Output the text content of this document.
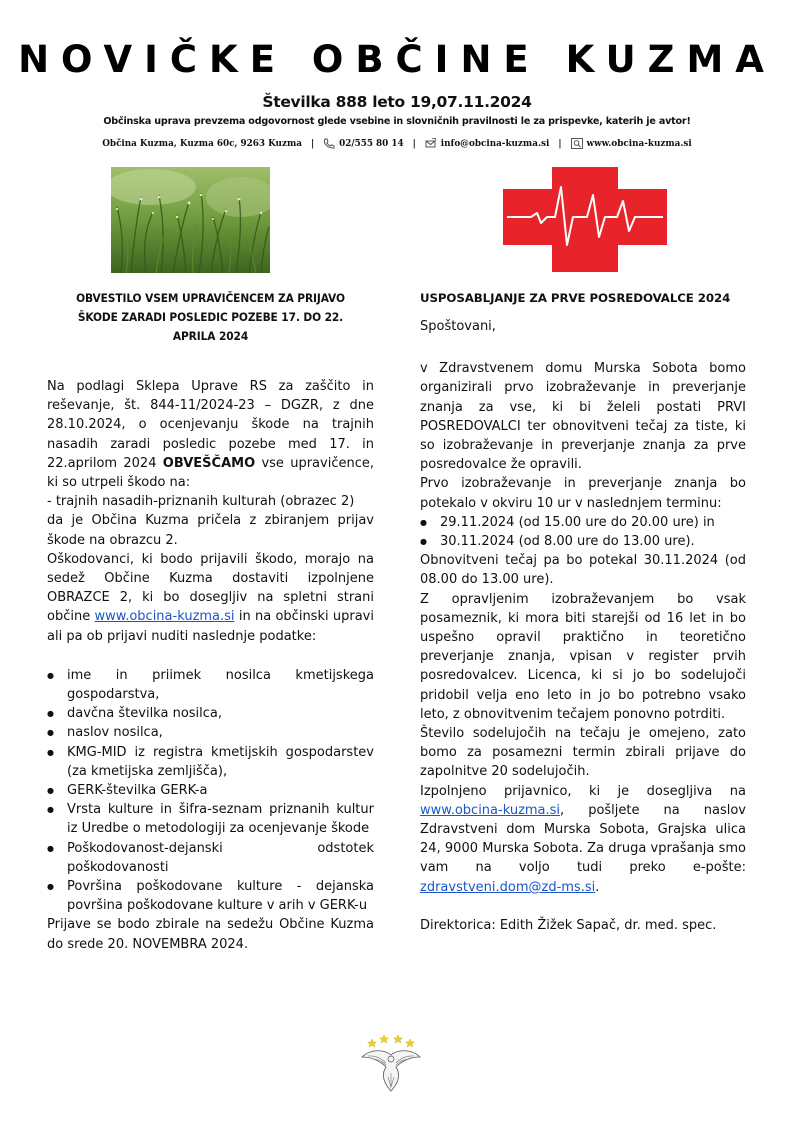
NOVIČKE OBČINE KUZMA
Številka 888 leto 19,07.11.2024
Občinska uprava prevzema odgovornost glede vsebine in slovničnih pravilnosti le za prispevke, katerih je avtor!
Občina Kuzma, Kuzma 60c, 9263 Kuzma |	02/555 80 14 |	info@obcina-kuzma.si |	www.obcina-kuzma.si
OBVESTILO VSEM UPRAVIČENCEM ZA PRIJAVO
ŠKODE ZARADI POSLEDIC POZEBE 17. DO 22.
APRILA 2024

Na podlagi Sklepa Uprave RS za zaščito in reševanje, št. 844-11/2024-23 – DGZR, z dne 28.10.2024, o ocenjevanju škode na trajnih nasadih zaradi posledic pozebe med 17. in 22.aprilom 2024 OBVEŠČAMO vse upravičence, ki so utrpeli škodo na:

- trajnih nasadih-priznanih kulturah (obrazec 2)

da je Občina Kuzma pričela z zbiranjem prijav škode na obrazcu 2.

Oškodovanci, ki bodo prijavili škodo, morajo na sedež Občine Kuzma dostaviti izpolnjene OBRAZCE 2, ki bo dosegljiv na spletni strani občine www.obcina-kuzma.si in na občinski upravi ali pa ob prijavi nuditi naslednje podatke:

● ime in priimek nosilca kmetijskega gospodarstva,
● davčna številka nosilca,
● naslov nosilca,
● KMG-MID iz registra kmetijskih gospodarstev (za kmetijska zemljišča),
● GERK-številka GERK-a
● Vrsta kulture in šifra-seznam priznanih kultur iz Uredbe o metodologiji za ocenjevanje škode
● Poškodovanost-dejanski odstotek poškodovanosti
● Površina poškodovane kulture - dejanska površina poškodovane kulture v arih v GERK-u

Prijave se bodo zbirale na sedežu Občine Kuzma do srede 20. NOVEMBRA 2024.

USPOSABLJANJE ZA PRVE POSREDOVALCE 2024

Spoštovani,

v Zdravstvenem domu Murska Sobota bomo organizirali prvo izobraževanje in preverjanje znanja za vse, ki bi želeli postati PRVI POSREDOVALCI ter obnovitveni tečaj za tiste, ki so izobraževanje in preverjanje znanja za prve posredovalce že opravili.

Prvo izobraževanje in preverjanje znanja bo potekalo v okviru 10 ur v naslednjem terminu:

● 29.11.2024 (od 15.00 ure do 20.00 ure) in
● 30.11.2024 (od 8.00 ure do 13.00 ure).

Obnovitveni tečaj pa bo potekal 30.11.2024 (od 08.00 do 13.00 ure).

Z opravljenim izobraževanjem bo vsak posameznik, ki mora biti starejši od 16 let in bo uspešno opravil praktično in teoretično preverjanje znanja, vpisan v register prvih posredovalcev. Licenca, ki si jo bo sodelujoči pridobil velja eno leto in jo bo potrebno vsako leto, z obnovitvenim tečajem ponovno potrditi.

Število sodelujočih na tečaju je omejeno, zato bomo za posamezni termin zbirali prijave do zapolnitve 20 sodelujočih.

Izpolnjeno prijavnico, ki je dosegljiva na www.obcina-kuzma.si, pošljete na naslov Zdravstveni dom Murska Sobota, Grajska ulica 24, 9000 Murska Sobota. Za druga vprašanja smo vam na voljo tudi preko e-pošte: zdravstveni.dom@zd-ms.si.

Direktorica: Edith Žižek Sapač, dr. med. spec.
